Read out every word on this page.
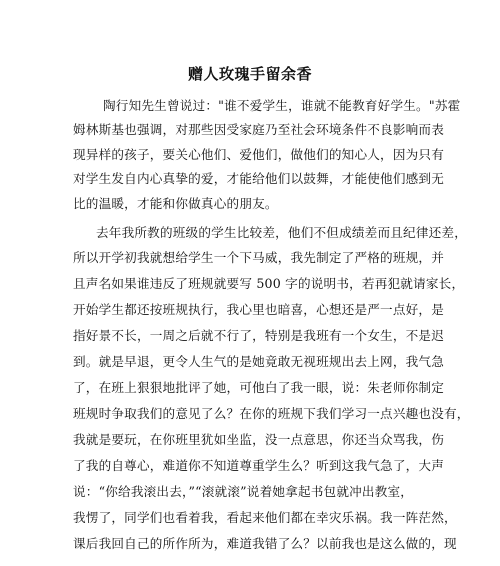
赠人玫瑰手留余香
陶行知先生曾说过："谁不爱学生，谁就不能教育好学生。"苏霍
姆林斯基也强调，对那些因受家庭乃至社会环境条件不良影响而表
现异样的孩子，要关心他们、爱他们，做他们的知心人，因为只有
对学生发自内心真挚的爱，才能给他们以鼓舞，才能使他们感到无
比的温暖，才能和你做真心的朋友。
去年我所教的班级的学生比较差，他们不但成绩差而且纪律还差，
所以开学初我就想给学生一个下马威，我先制定了严格的班规，并
且声名如果谁违反了班规就要写 500 字的说明书，若再犯就请家长，
开始学生都还按班规执行，我心里也暗喜，心想还是严一点好，是
指好景不长，一周之后就不行了，特别是我班有一个女生，不是迟
到。就是早退，更令人生气的是她竟敢无视班规出去上网，我气急
了，在班上狠狠地批评了她，可他白了我一眼，说：朱老师你制定
班规时争取我们的意见了么？在你的班规下我们学习一点兴趣也没有，
我就是要玩，在你班里犹如坐监，没一点意思，你还当众骂我，伤
了我的自尊心，难道你不知道尊重学生么？听到这我气急了，大声
说：“你给我滚出去，”“滚就滚”说着她拿起书包就冲出教室，
我愣了，同学们也看着我，看起来他们都在幸灾乐祸。我一阵茫然，
课后我回自己的所作所为，难道我错了么？以前我也是这么做的，现
